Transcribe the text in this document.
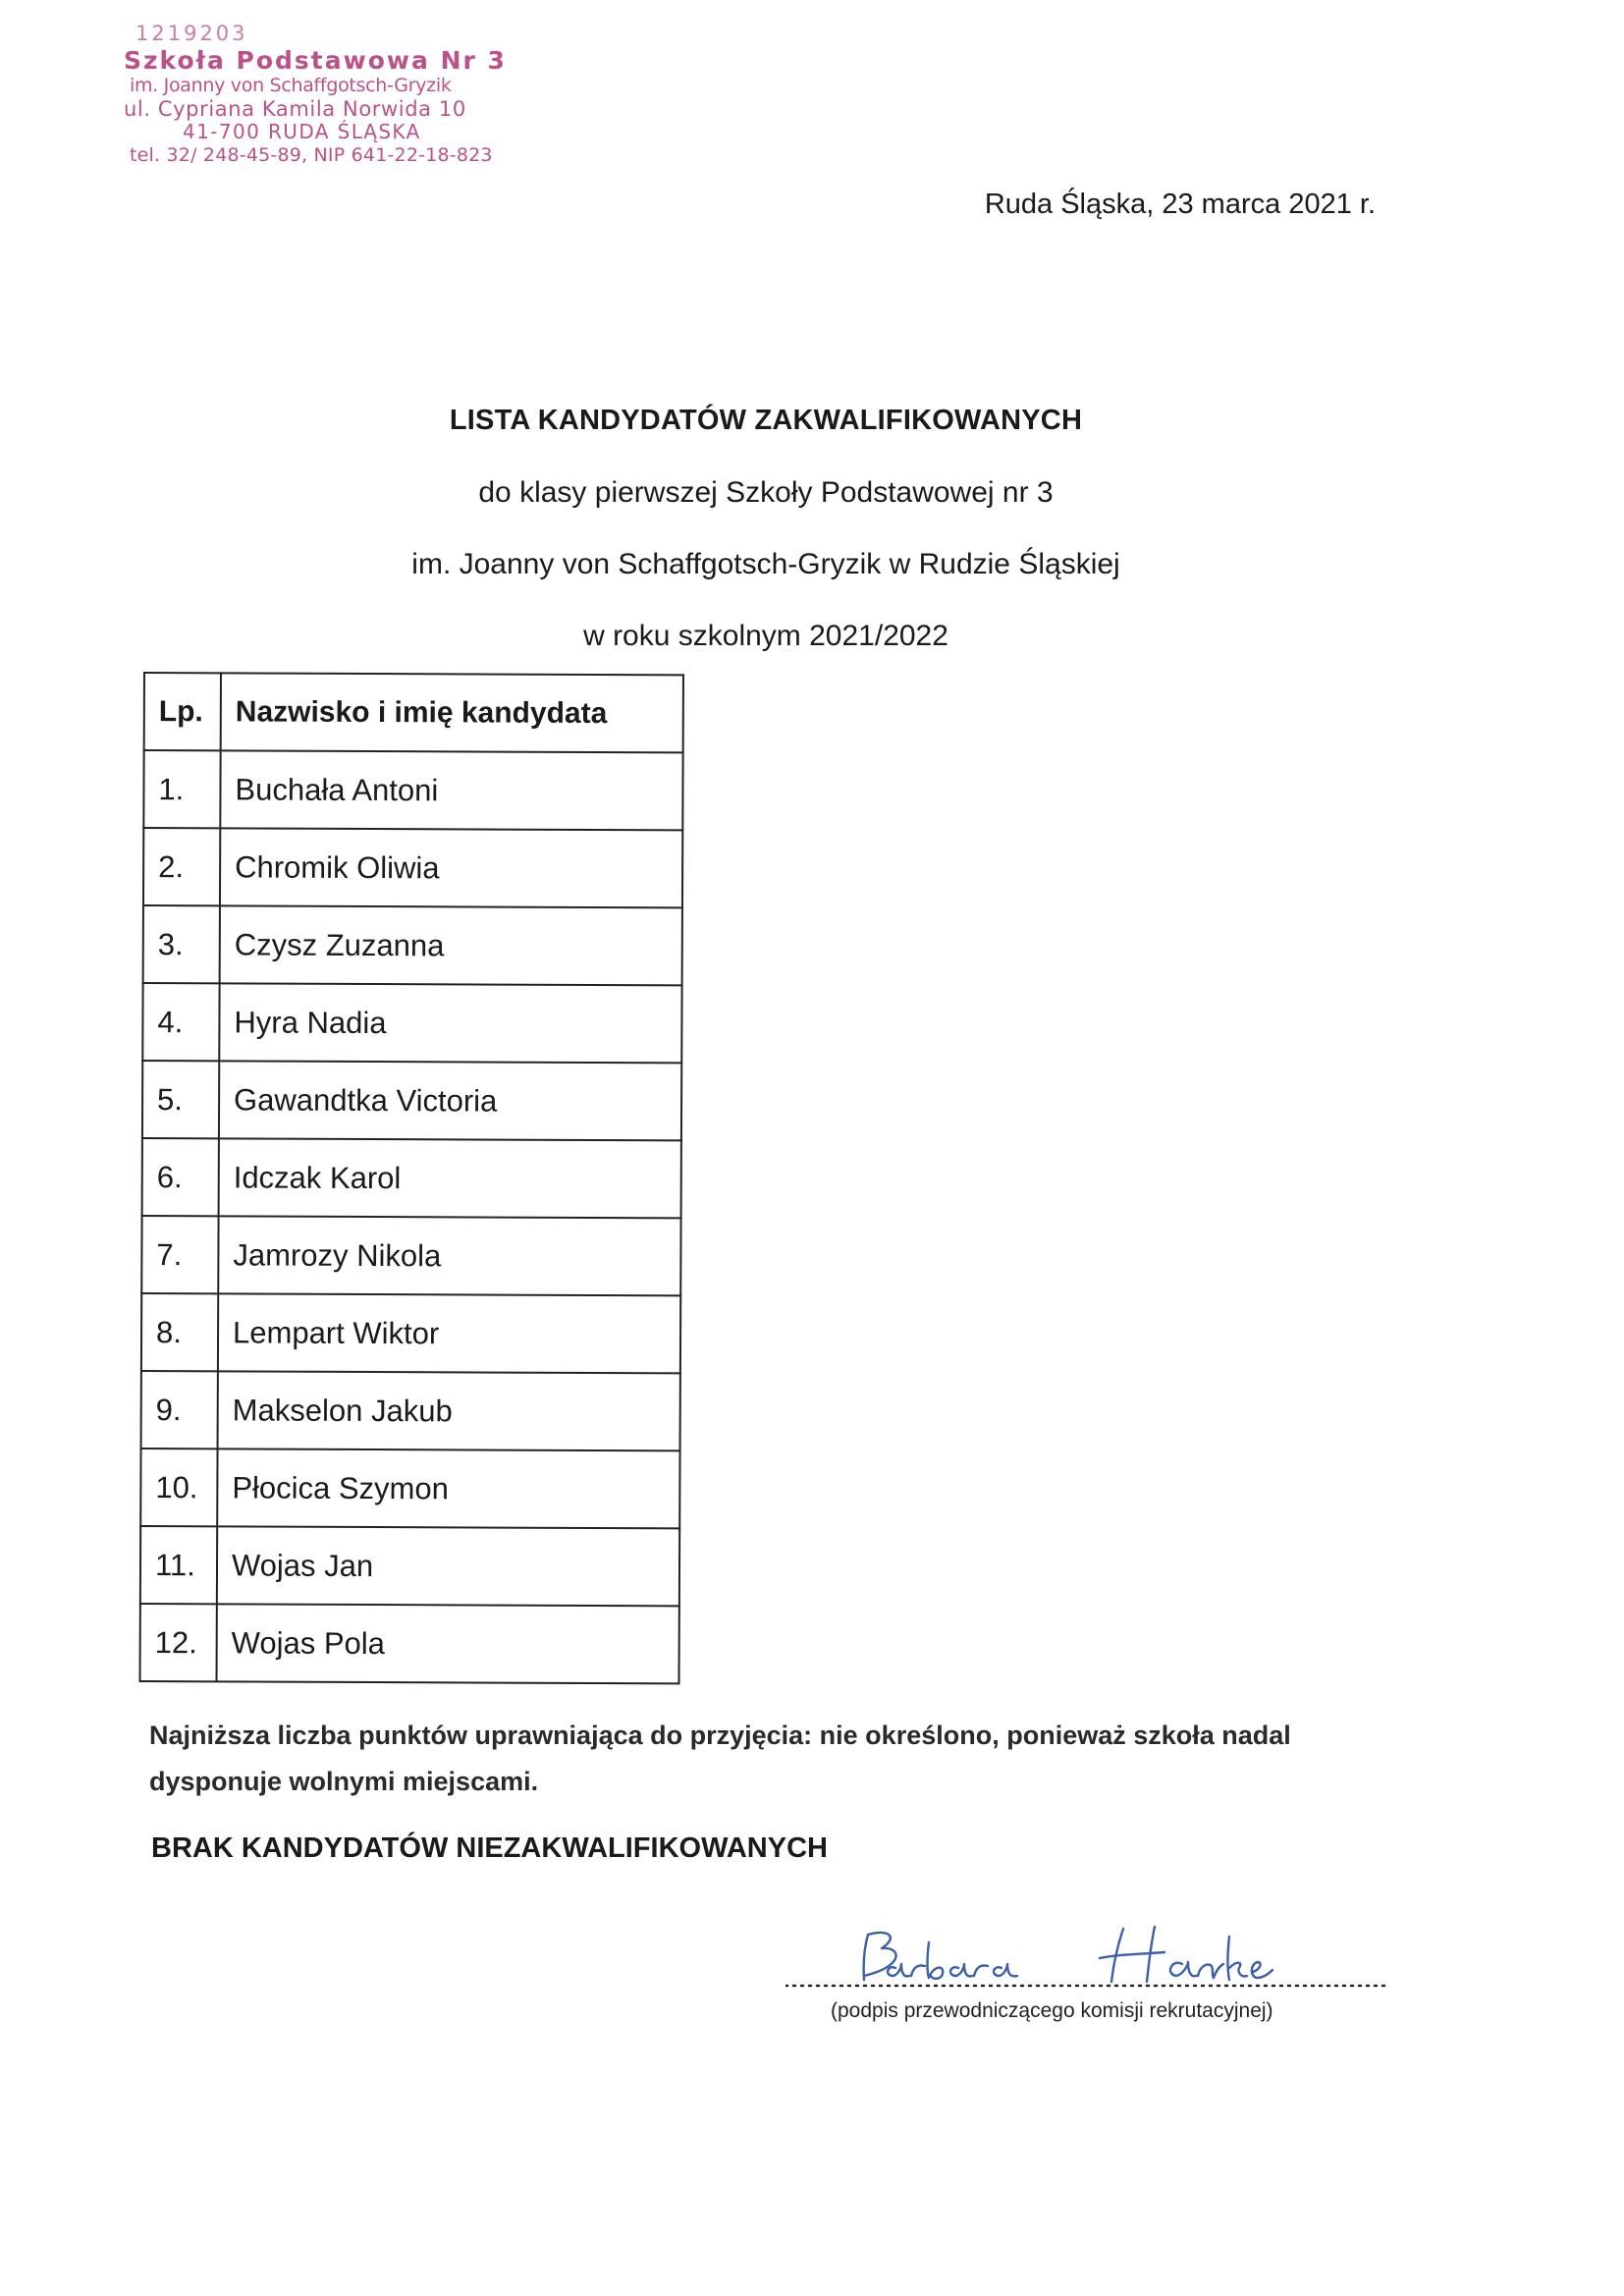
1219203
Szkoła Podstawowa Nr 3
im. Joanny von Schaffgotsch-Gryzik
ul. Cypriana Kamila Norwida 10
41-700 RUDA ŚLĄSKA
tel. 32/ 248-45-89, NIP 641-22-18-823
Ruda Śląska, 23 marca 2021 r.
LISTA KANDYDATÓW ZAKWALIFIKOWANYCH
do klasy pierwszej Szkoły Podstawowej nr 3
im. Joanny von Schaffgotsch-Gryzik w Rudzie Śląskiej
w roku szkolnym 2021/2022
Lp.	Nazwisko i imię kandydata
1.	Buchała Antoni
2.	Chromik Oliwia
3.	Czysz Zuzanna
4.	Hyra Nadia
5.	Gawandtka Victoria
6.	Idczak Karol
7.	Jamrozy Nikola
8.	Lempart Wiktor
9.	Makselon Jakub
10.	Płocica Szymon
11.	Wojas Jan
12.	Wojas Pola
Najniższa liczba punktów uprawniająca do przyjęcia: nie określono, ponieważ szkoła nadal dysponuje wolnymi miejscami.
BRAK KANDYDATÓW NIEZAKWALIFIKOWANYCH
(podpis przewodniczącego komisji rekrutacyjnej)
